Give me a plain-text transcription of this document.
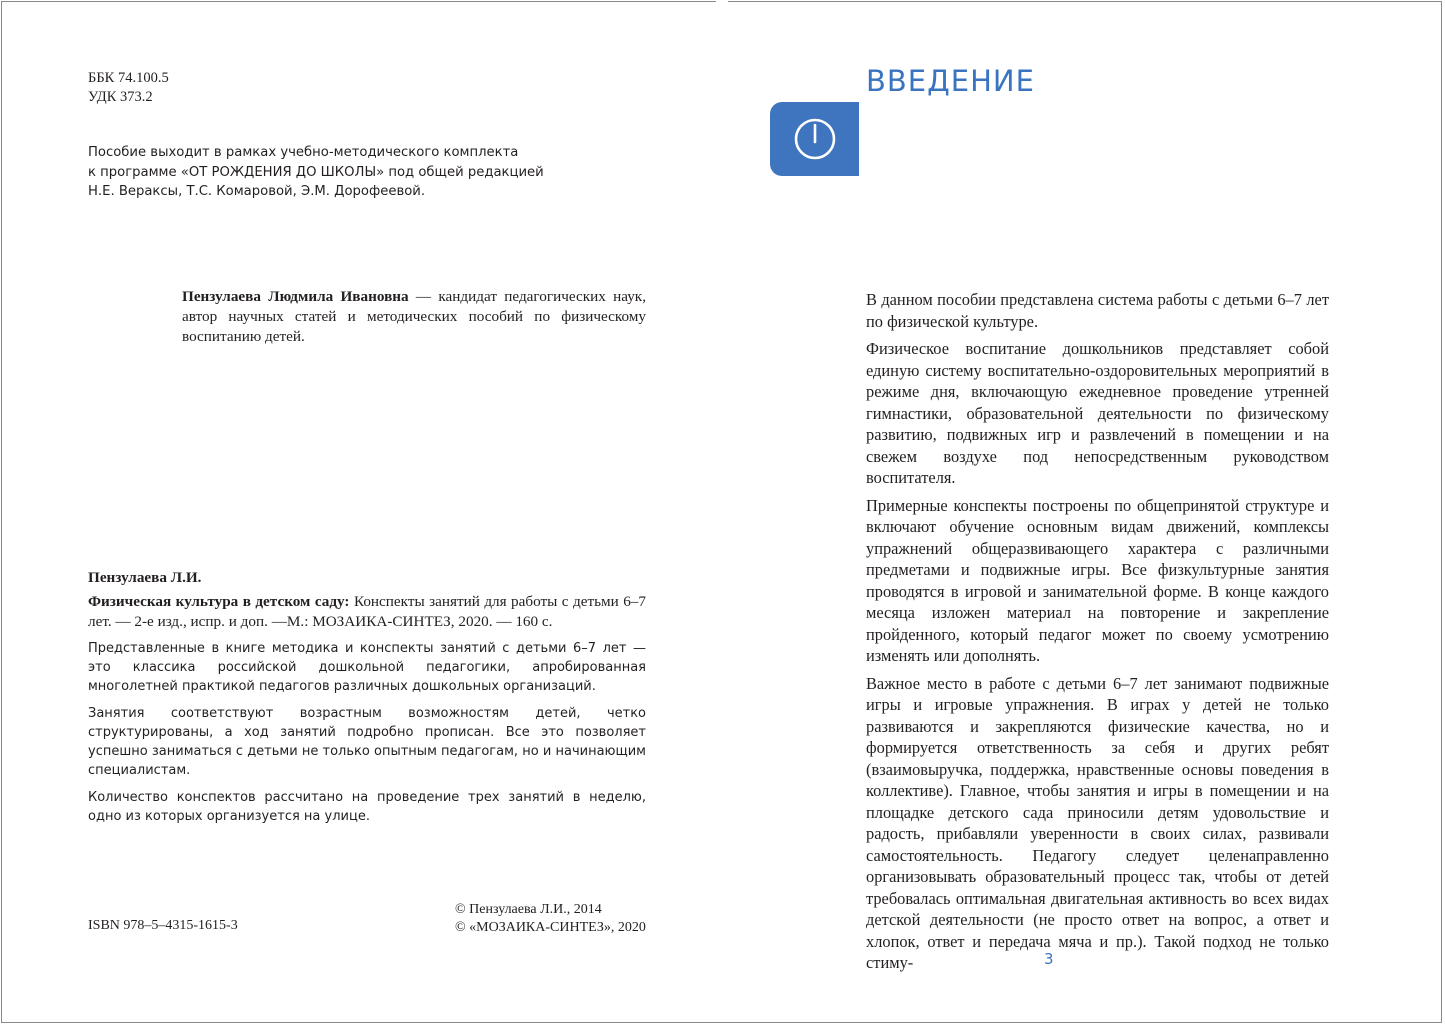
ББК 74.100.5
УДК 373.2
Пособие выходит в рамках учебно-методического комплекта
к программе «ОТ РОЖДЕНИЯ ДО ШКОЛЫ» под общей редакцией
Н.Е. Вераксы, Т.С. Комаровой, Э.М. Дорофеевой.
Пензулаева Людмила Ивановна — кандидат педагогических наук, автор научных статей и методических пособий по физическому воспитанию детей.
Пензулаева Л.И.
Физическая культура в детском саду: Конспекты занятий для работы с детьми 6–7 лет. — 2-е изд., испр. и доп. —М.: МОЗАИКА-СИНТЕЗ, 2020. — 160 с.

Представленные в книге методика и конспекты занятий с детьми 6–7 лет — это классика российской дошкольной педагогики, апробированная многолетней практикой педагогов различных дошкольных организаций.

Занятия соответствуют возрастным возможностям детей, четко структурированы, а ход занятий подробно прописан. Все это позволяет успешно заниматься с детьми не только опытным педагогам, но и начинающим специалистам.

Количество конспектов рассчитано на проведение трех занятий в неделю, одно из которых организуется на улице.

ISBN 978–5–4315-1615-3
© Пензулаева Л.И., 2014
© «МОЗАИКА-СИНТЕЗ», 2020
ВВЕДЕНИЕ

В данном пособии представлена система работы с детьми 6–7 лет по физической культуре.

Физическое воспитание дошкольников представляет собой единую систему воспитательно-оздоровительных мероприятий в режиме дня, включающую ежедневное проведение утренней гимнастики, образовательной деятельности по физическому развитию, подвижных игр и развлечений в помещении и на свежем воздухе под непосредственным руководством воспитателя.

Примерные конспекты построены по общепринятой структуре и включают обучение основным видам движений, комплексы упражнений общеразвивающего характера с различными предметами и подвижные игры. Все физкультурные занятия проводятся в игровой и занимательной форме. В конце каждого месяца изложен материал на повторение и закрепление пройденного, который педагог может по своему усмотрению изменять или дополнять.

Важное место в работе с детьми 6–7 лет занимают подвижные игры и игровые упражнения. В играх у детей не только развиваются и закрепляются физические качества, но и формируется ответственность за себя и других ребят (взаимовыручка, поддержка, нравственные основы поведения в коллективе). Главное, чтобы занятия и игры в помещении и на площадке детского сада приносили детям удовольствие и радость, прибавляли уверенности в своих силах, развивали самостоятельность. Педагогу следует целенаправленно организовывать образовательный процесс так, чтобы от детей требовалась оптимальная двигательная активность во всех видах детской деятельности (не просто ответ на вопрос, а ответ и хлопок, ответ и передача мяча и пр.). Такой подход не только стиму-	3
